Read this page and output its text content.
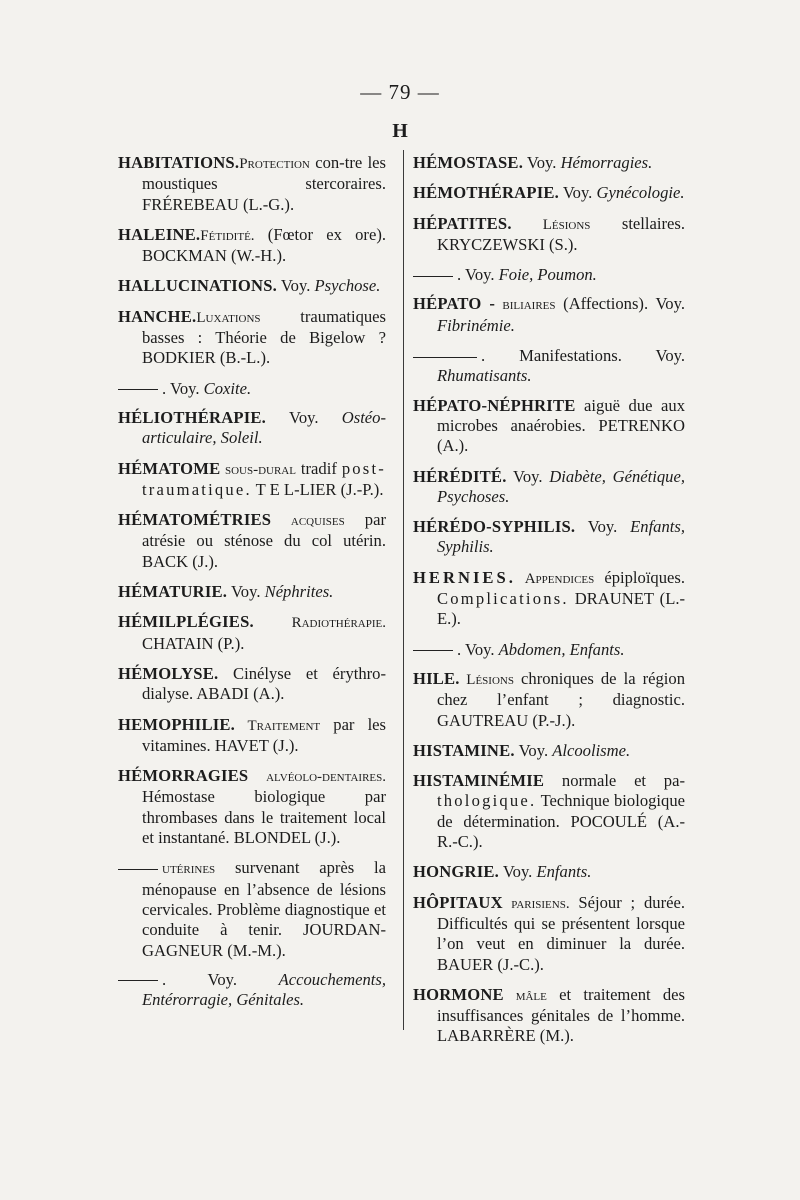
— 79 —
H
HABITATIONS.Protection con-tre les moustiques stercoraires. FRÉREBEAU (L.-G.).
HALEINE.Fétidité. (Fœtor ex ore). BOCKMAN (W.-H.).
HALLUCINATIONS. Voy. Psychose.
HANCHE.Luxations traumatiques basses : Théorie de Bigelow ? BODKIER (B.-L.).
. Voy. Coxite.
HÉLIOTHÉRAPIE. Voy. Ostéo-articulaire, Soleil.
HÉMATOME sous-dural tradif post-traumatique. T E L-LIER (J.-P.).
HÉMATOMÉTRIES acquises par atrésie ou sténose du col utérin. BACK (J.).
HÉMATURIE. Voy. Néphrites.
HÉMILPLÉGIES. Radiothérapie. CHATAIN (P.).
HÉMOLYSE. Cinélyse et érythro-dialyse. ABADI (A.).
HEMOPHILIE. Traitement par les vitamines. HAVET (J.).
HÉMORRAGIES alvéolo-dentaires. Hémostase biologique par thrombases dans le traitement local et instantané. BLONDEL (J.).
utérines survenant après la ménopause en l’absence de lésions cervicales. Problème diagnostique et conduite à tenir. JOURDAN-GAGNEUR (M.-M.).
. Voy. Accouchements, Entérorragie, Génitales.
HÉMOSTASE. Voy. Hémorragies.
HÉMOTHÉRAPIE. Voy. Gynécologie.
HÉPATITES. Lésions stellaires. KRYCZEWSKI (S.).
. Voy. Foie, Poumon.
HÉPATO - biliaires (Affections). Voy. Fibrinémie.
. Manifestations. Voy. Rhumatisants.
HÉPATO-NÉPHRITE aiguë due aux microbes anaérobies. PETRENKO (A.).
HÉRÉDITÉ. Voy. Diabète, Génétique, Psychoses.
HÉRÉDO-SYPHILIS. Voy. Enfants, Syphilis.
HERNIES. Appendices épiploïques. Complications. DRAUNET (L.-E.).
. Voy. Abdomen, Enfants.
HILE. Lésions chroniques de la région chez l’enfant ; diagnostic. GAUTREAU (P.-J.).
HISTAMINE. Voy. Alcoolisme.
HISTAMINÉMIE normale et pa-thologique. Technique biologique de détermination. POCOULÉ (A.-R.-C.).
HONGRIE. Voy. Enfants.
HÔPITAUX parisiens. Séjour ; durée. Difficultés qui se présentent lorsque l’on veut en diminuer la durée. BAUER (J.-C.).
HORMONE mâle et traitement des insuffisances génitales de l’homme. LABARRÈRE (M.).
